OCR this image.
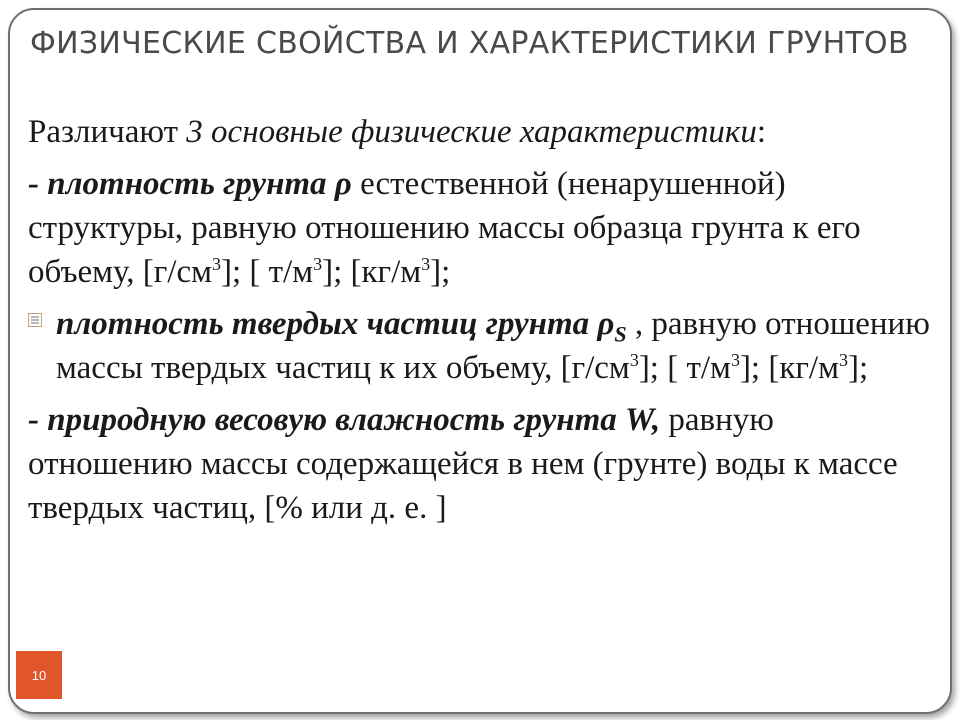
ФИЗИЧЕСКИЕ СВОЙСТВА И ХАРАКТЕРИСТИКИ ГРУНТОВ

Различают 3 основные физические характеристики:

- плотность грунта ρ естественной (ненарушенной) структуры, равную отношению массы образца грунта к его объему, $[г/см^3]$; [ $т/м^3$]; $[кг/м^3]$;

плотность твердых частиц грунта $\rho_S$ , равную отношению массы твердых частиц к их объему, $[г/см^3]$; [ $т/м^3$]; $[кг/м^3]$;

- природную весовую влажность грунта W, равную отношению массы содержащейся в нем (грунте) воды к массе твердых частиц, [% или д. е. ]

10
